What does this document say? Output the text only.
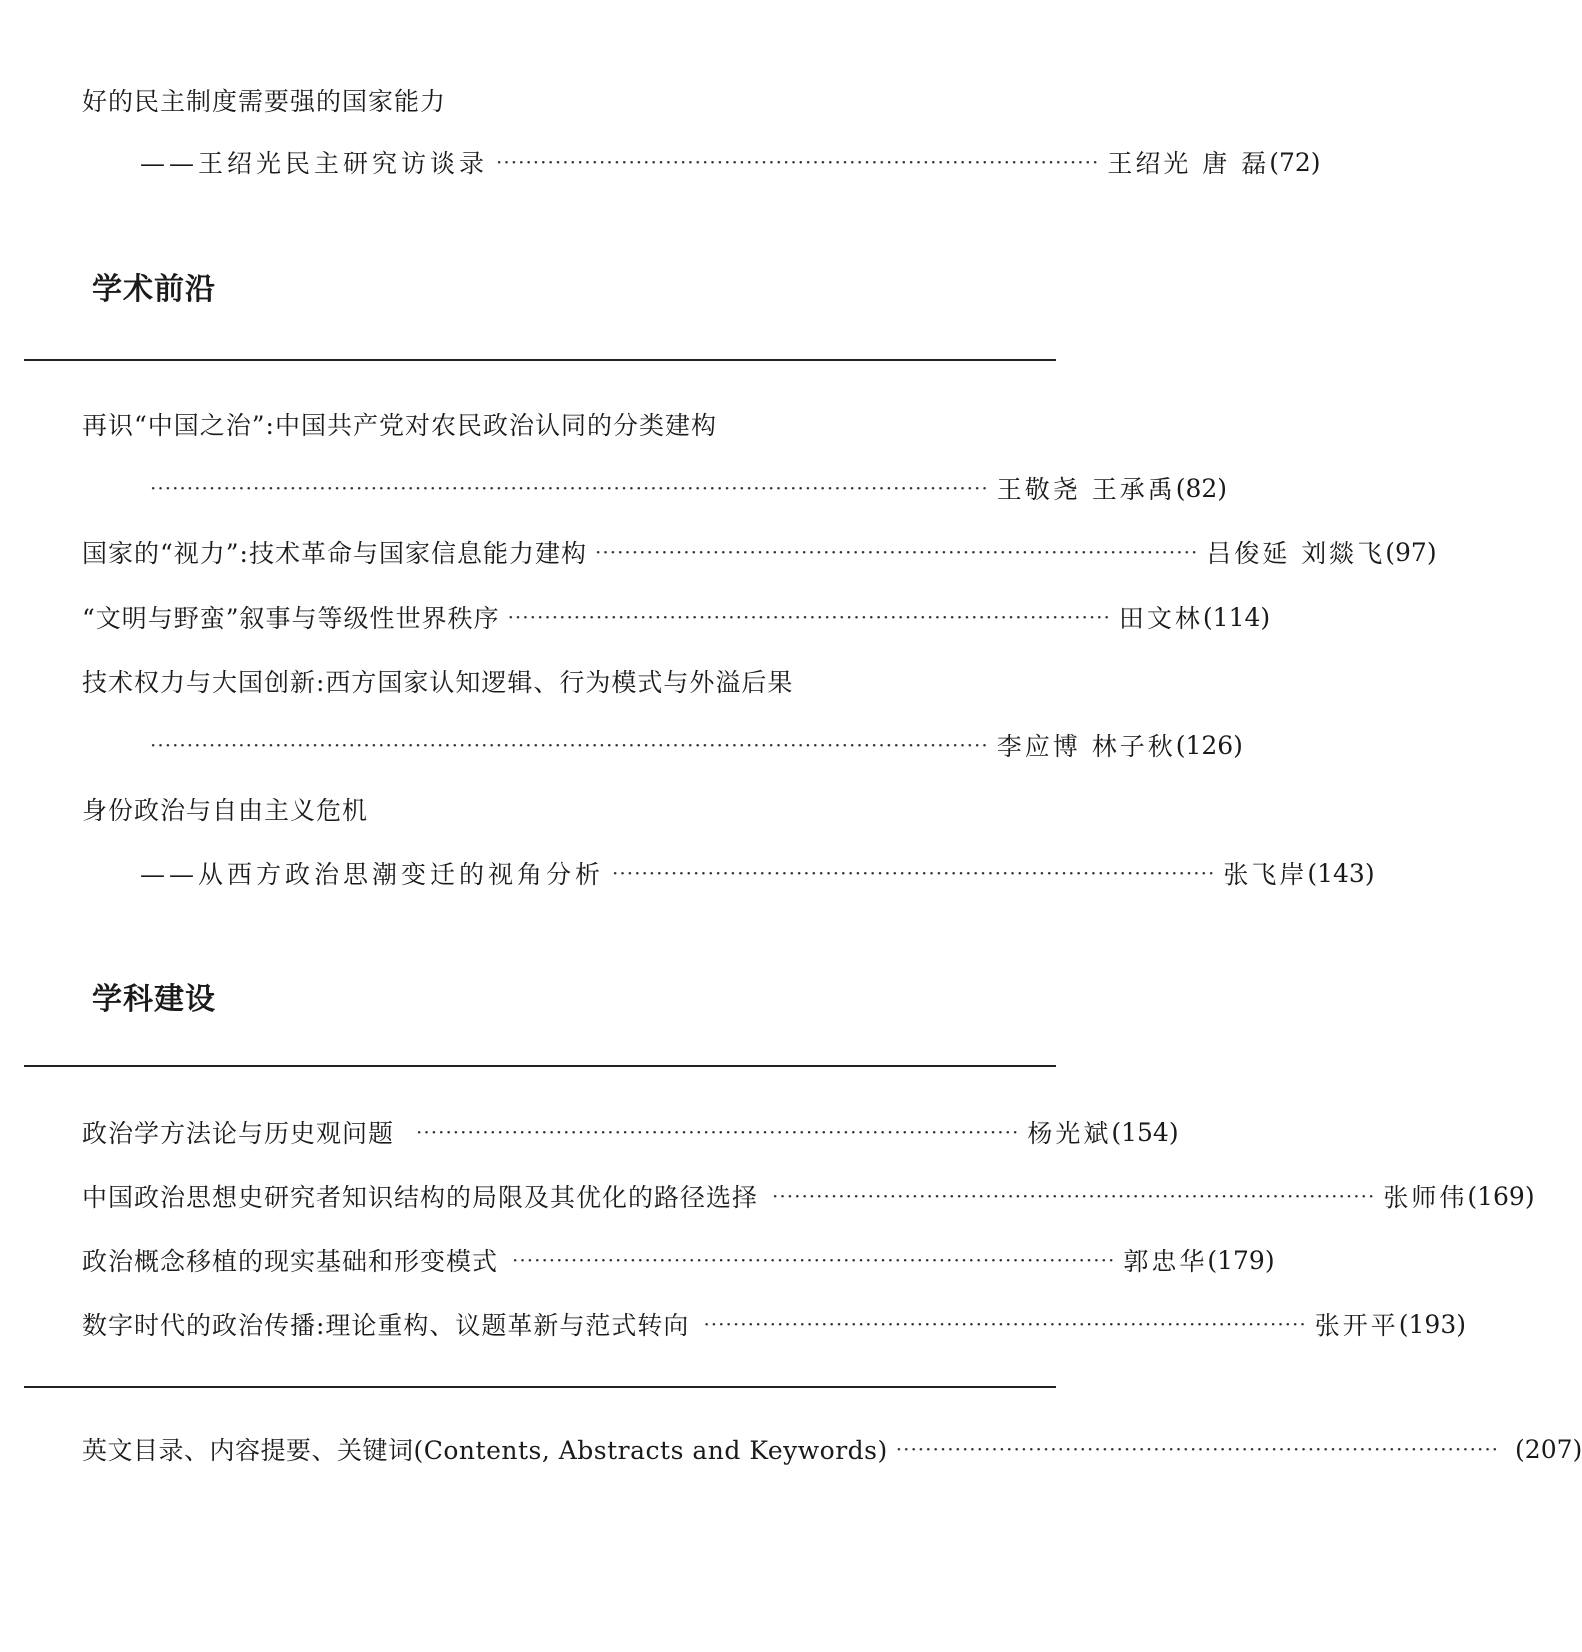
好的民主制度需要强的国家能力
——王绍光民主研究访谈录 ·················································································· 王绍光 唐 磊 (72)
学术前沿
再识“中国之治”:中国共产党对农民政治认同的分类建构
·················································································································· 王敬尧 王承禹 (82)
国家的“视力”:技术革命与国家信息能力建构 ·················································································· 吕俊延 刘燚飞 (97)
“文明与野蛮”叙事与等级性世界秩序 ·················································································· 田文林 (114)
技术权力与大国创新:西方国家认知逻辑、行为模式与外溢后果
·················································································································· 李应博 林子秋 (126)
身份政治与自由主义危机
——从西方政治思潮变迁的视角分析 ·················································································· 张飞岸 (143)
学科建设
政治学方法论与历史观问题 ·················································································· 杨光斌 (154)
中国政治思想史研究者知识结构的局限及其优化的路径选择 ·················································································· 张师伟 (169)
政治概念移植的现实基础和形变模式 ·················································································· 郭忠华 (179)
数字时代的政治传播:理论重构、议题革新与范式转向 ·················································································· 张开平 (193)
英文目录、内容提要、关键词(Contents, Abstracts and Keywords) ·················································································· (207)
